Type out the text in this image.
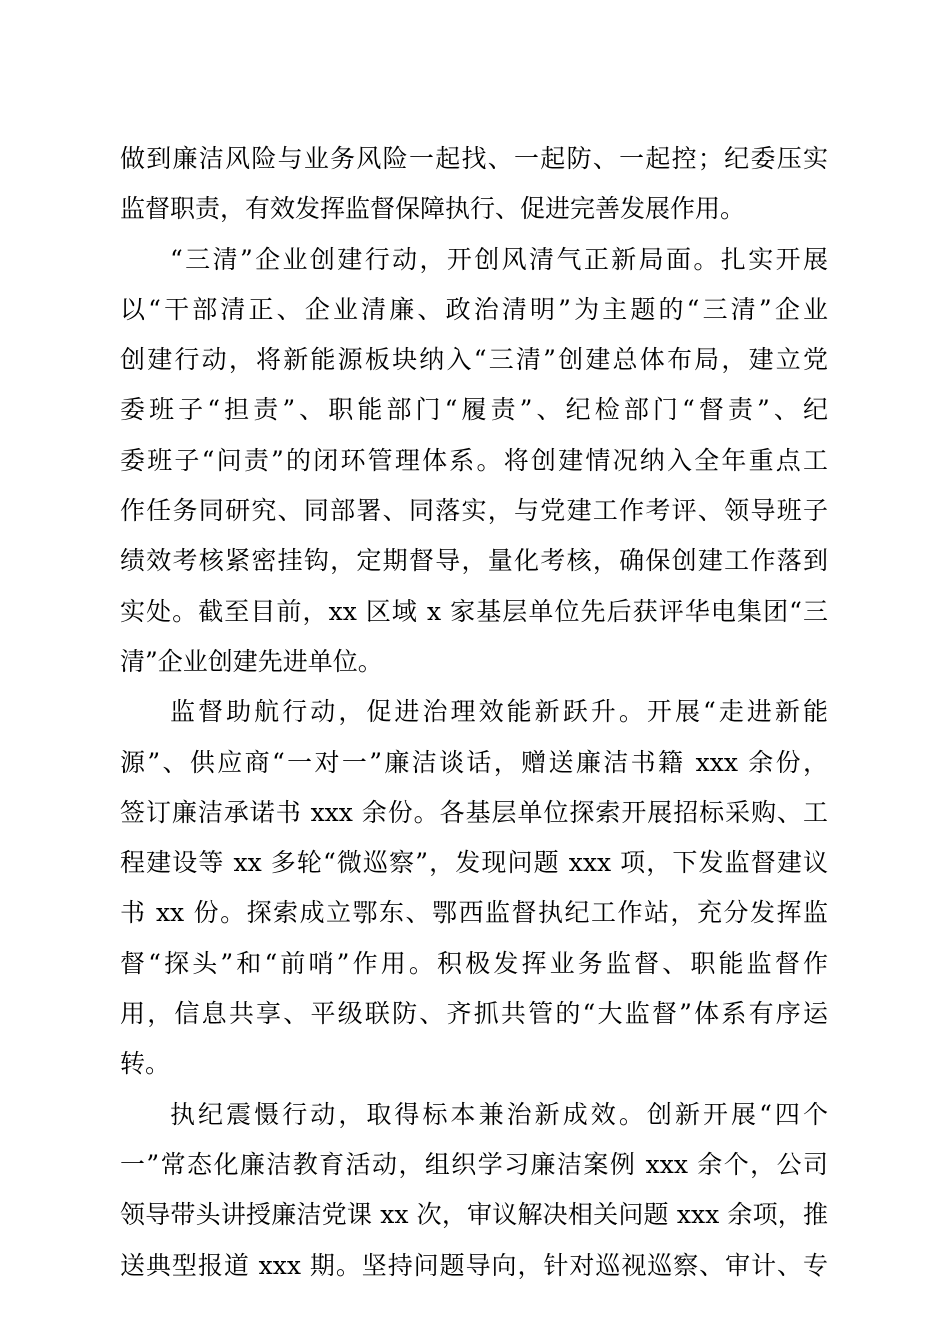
做到廉洁风险与业务风险一起找、一起防、一起控；纪委压实
监督职责，有效发挥监督保障执行、促进完善发展作用。
“三清”企业创建行动，开创风清气正新局面。扎实开展
以“干部清正、企业清廉、政治清明”为主题的“三清”企业
创建行动，将新能源板块纳入“三清”创建总体布局，建立党
委班子“担责”、职能部门“履责”、纪检部门“督责”、纪
委班子“问责”的闭环管理体系。将创建情况纳入全年重点工
作任务同研究、同部署、同落实，与党建工作考评、领导班子
绩效考核紧密挂钩，定期督导，量化考核，确保创建工作落到
实处。截至目前，xx 区域 x 家基层单位先后获评华电集团“三
清”企业创建先进单位。
监督助航行动，促进治理效能新跃升。开展“走进新能
源”、供应商“一对一”廉洁谈话，赠送廉洁书籍 xxx 余份，
签订廉洁承诺书 xxx 余份。各基层单位探索开展招标采购、工
程建设等 xx 多轮“微巡察”，发现问题 xxx 项，下发监督建议
书 xx 份。探索成立鄂东、鄂西监督执纪工作站，充分发挥监
督“探头”和“前哨”作用。积极发挥业务监督、职能监督作
用，信息共享、平级联防、齐抓共管的“大监督”体系有序运
转。
执纪震慑行动，取得标本兼治新成效。创新开展“四个
一”常态化廉洁教育活动，组织学习廉洁案例 xxx 余个，公司
领导带头讲授廉洁党课 xx 次，审议解决相关问题 xxx 余项，推
送典型报道 xxx 期。坚持问题导向，针对巡视巡察、审计、专
